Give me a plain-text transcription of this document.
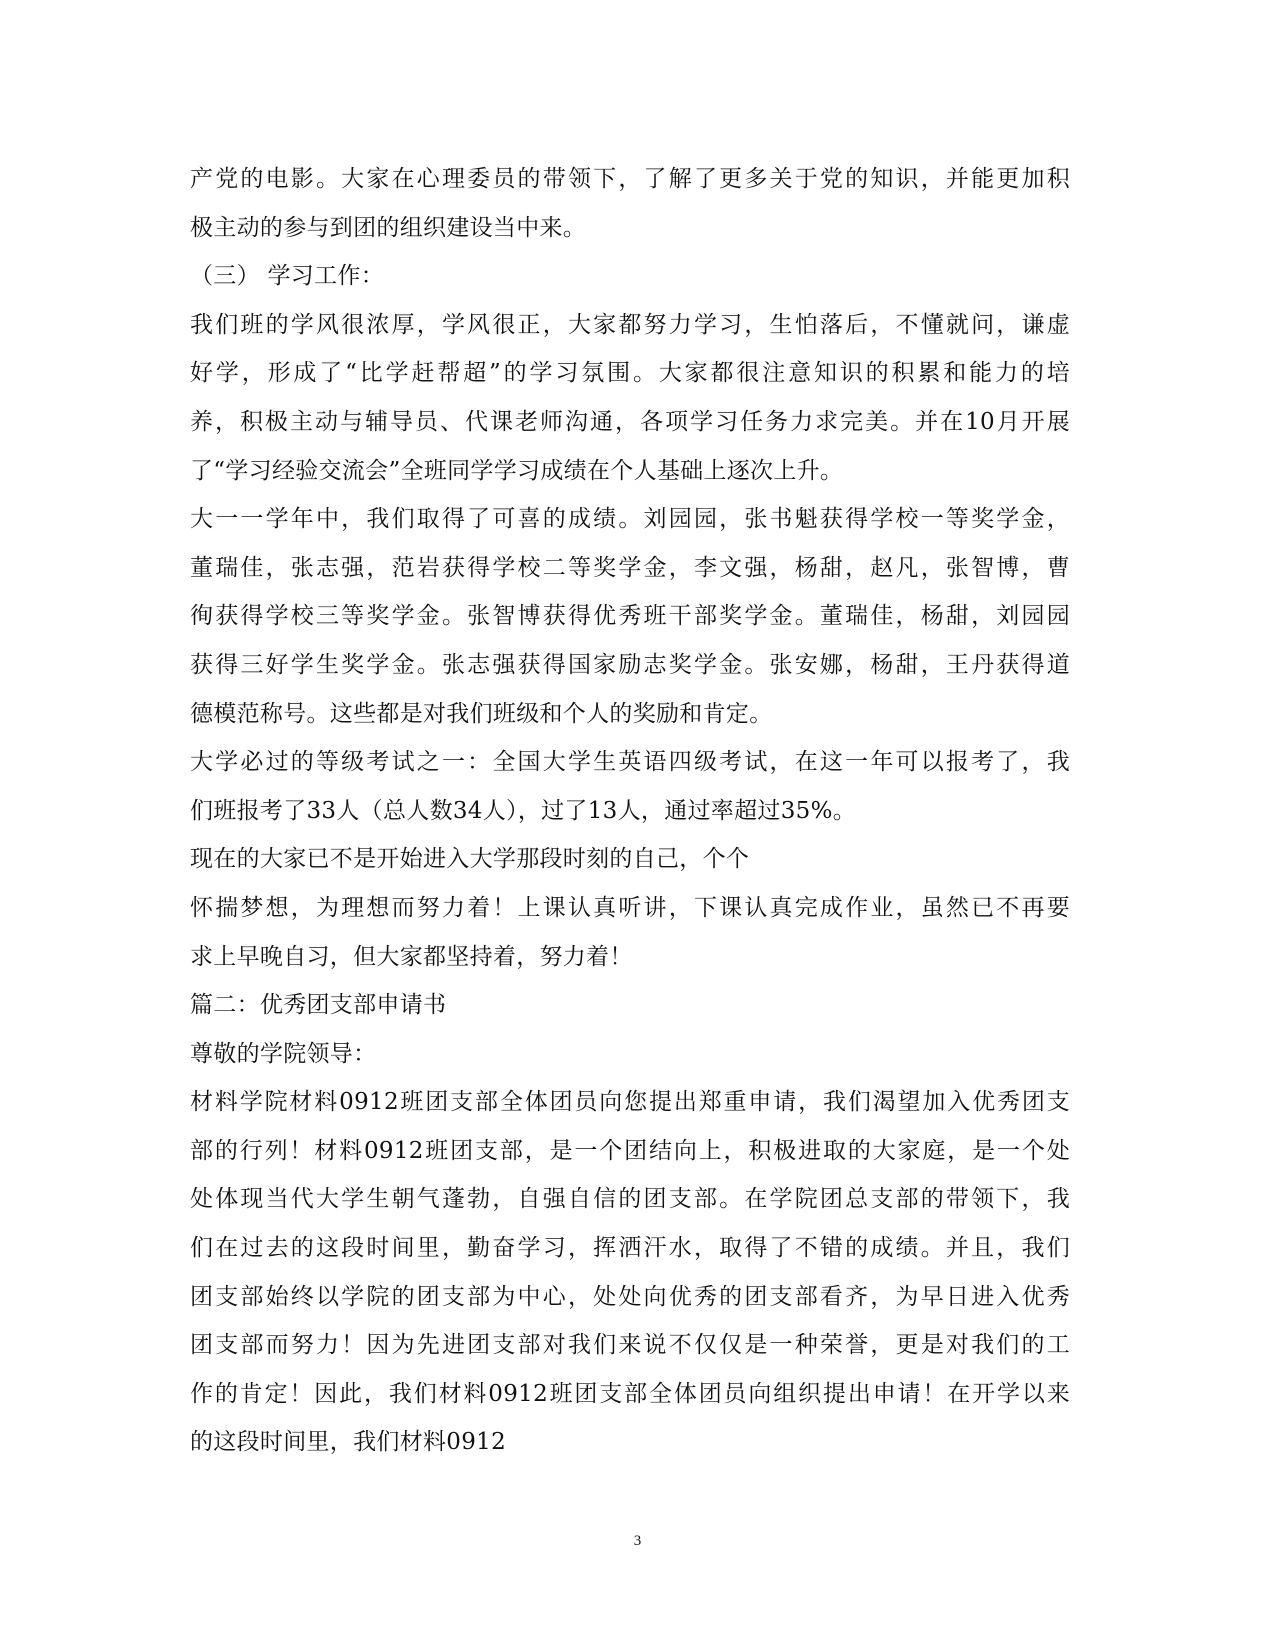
产党的电影。大家在心理委员的带领下，了解了更多关于党的知识，并能更加积
极主动的参与到团的组织建设当中来。
（三） 学习工作：
我们班的学风很浓厚，学风很正，大家都努力学习，生怕落后，不懂就问，谦虚
好学，形成了“比学赶帮超”的学习氛围。大家都很注意知识的积累和能力的培
养，积极主动与辅导员、代课老师沟通，各项学习任务力求完美。并在10月开展
了“学习经验交流会”全班同学学习成绩在个人基础上逐次上升。
大一一学年中，我们取得了可喜的成绩。刘园园，张书魁获得学校一等奖学金，
董瑞佳，张志强，范岩获得学校二等奖学金，李文强，杨甜，赵凡，张智博，曹
徇获得学校三等奖学金。张智博获得优秀班干部奖学金。董瑞佳，杨甜，刘园园
获得三好学生奖学金。张志强获得国家励志奖学金。张安娜，杨甜，王丹获得道
德模范称号。这些都是对我们班级和个人的奖励和肯定。
大学必过的等级考试之一：全国大学生英语四级考试，在这一年可以报考了，我
们班报考了33人（总人数34人），过了13人，通过率超过35%。
现在的大家已不是开始进入大学那段时刻的自己，个个
怀揣梦想，为理想而努力着！上课认真听讲，下课认真完成作业，虽然已不再要
求上早晚自习，但大家都坚持着，努力着！
篇二：优秀团支部申请书
尊敬的学院领导：
材料学院材料0912班团支部全体团员向您提出郑重申请，我们渴望加入优秀团支
部的行列！材料0912班团支部，是一个团结向上，积极进取的大家庭，是一个处
处体现当代大学生朝气蓬勃，自强自信的团支部。在学院团总支部的带领下，我
们在过去的这段时间里，勤奋学习，挥洒汗水，取得了不错的成绩。并且，我们
团支部始终以学院的团支部为中心，处处向优秀的团支部看齐，为早日进入优秀
团支部而努力！因为先进团支部对我们来说不仅仅是一种荣誉，更是对我们的工
作的肯定！因此，我们材料0912班团支部全体团员向组织提出申请！在开学以来
的这段时间里，我们材料0912
3
